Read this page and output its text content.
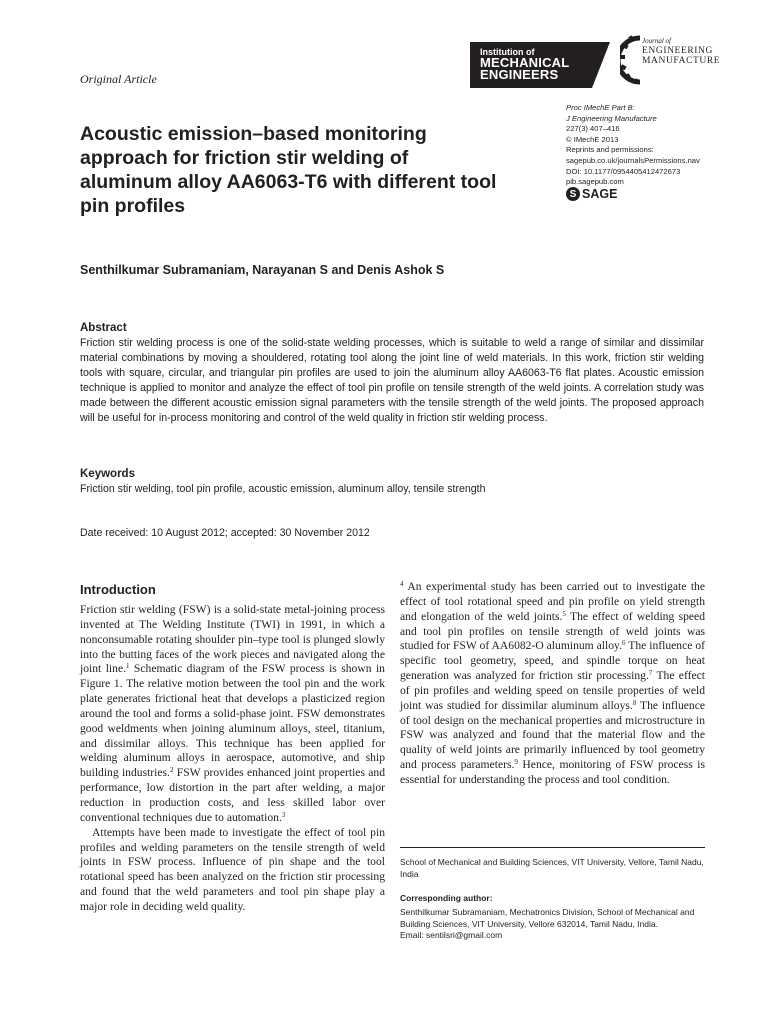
Original Article
Institution of
MECHANICAL
ENGINEERS
Journal of
ENGINEERING
MANUFACTURE
Acoustic emission–based monitoring approach for friction stir welding of aluminum alloy AA6063-T6 with different tool pin profiles
Senthilkumar Subramaniam, Narayanan S and Denis Ashok S
Proc IMechE Part B:
J Engineering Manufacture
227(3) 407–416
© IMechE 2013
Reprints and permissions:
sagepub.co.uk/journalsPermissions.nav
DOI: 10.1177/0954405412472673
pib.sagepub.com
S SAGE
Abstract
Friction stir welding process is one of the solid-state welding processes, which is suitable to weld a range of similar and dissimilar material combinations by moving a shouldered, rotating tool along the joint line of weld materials. In this work, friction stir welding tools with square, circular, and triangular pin profiles are used to join the aluminum alloy AA6063-T6 flat plates. Acoustic emission technique is applied to monitor and analyze the effect of tool pin profile on tensile strength of the weld joints. A correlation study was made between the different acoustic emission signal parameters with the tensile strength of the weld joints. The proposed approach will be useful for in-process monitoring and control of the weld quality in friction stir welding process.
Keywords
Friction stir welding, tool pin profile, acoustic emission, aluminum alloy, tensile strength
Date received: 10 August 2012; accepted: 30 November 2012
Introduction

Friction stir welding (FSW) is a solid-state metal-joining process invented at The Welding Institute (TWI) in 1991, in which a nonconsumable rotating shoulder pin–type tool is plunged slowly into the butting faces of the work pieces and navigated along the joint line.$^1$ Schematic diagram of the FSW process is shown in Figure 1. The relative motion between the tool pin and the work plate generates frictional heat that develops a plasticized region around the tool and forms a solid-phase joint. FSW demonstrates good weldments when joining aluminum alloys, steel, titanium, and dissimilar alloys. This technique has been applied for welding aluminum alloys in aerospace, automotive, and ship building industries.$^2$ FSW provides enhanced joint properties and performance, low distortion in the part after welding, a major reduction in production costs, and less skilled labor over conventional techniques due to automation.$^3$

Attempts have been made to investigate the effect of tool pin profiles and welding parameters on the tensile strength of weld joints in FSW process. Influence of pin shape and the tool rotational speed has been analyzed on the friction stir processing and found that the weld parameters and tool pin shape play a major role in deciding weld quality.

$^4$ An experimental study has been carried out to investigate the effect of tool rotational speed and pin profile on yield strength and elongation of the weld joints.$^5$ The effect of welding speed and tool pin profiles on tensile strength of weld joints was studied for FSW of AA6082-O aluminum alloy.$^6$ The influence of specific tool geometry, speed, and spindle torque on heat generation was analyzed for friction stir processing.$^7$ The effect of pin profiles and welding speed on tensile properties of weld joint was studied for dissimilar aluminum alloys.$^8$ The influence of tool design on the mechanical properties and microstructure in FSW was analyzed and found that the material flow and the quality of weld joints are primarily influenced by tool geometry and process parameters.$^9$ Hence, monitoring of FSW process is essential for understanding the process and tool condition.

School of Mechanical and Building Sciences, VIT University, Vellore, Tamil Nadu, India
Corresponding author:
Senthilkumar Subramaniam, Mechatronics Division, School of Mechanical and Building Sciences, VIT University, Vellore 632014, Tamil Nadu, India.
Email: sentilsri@gmail.com
